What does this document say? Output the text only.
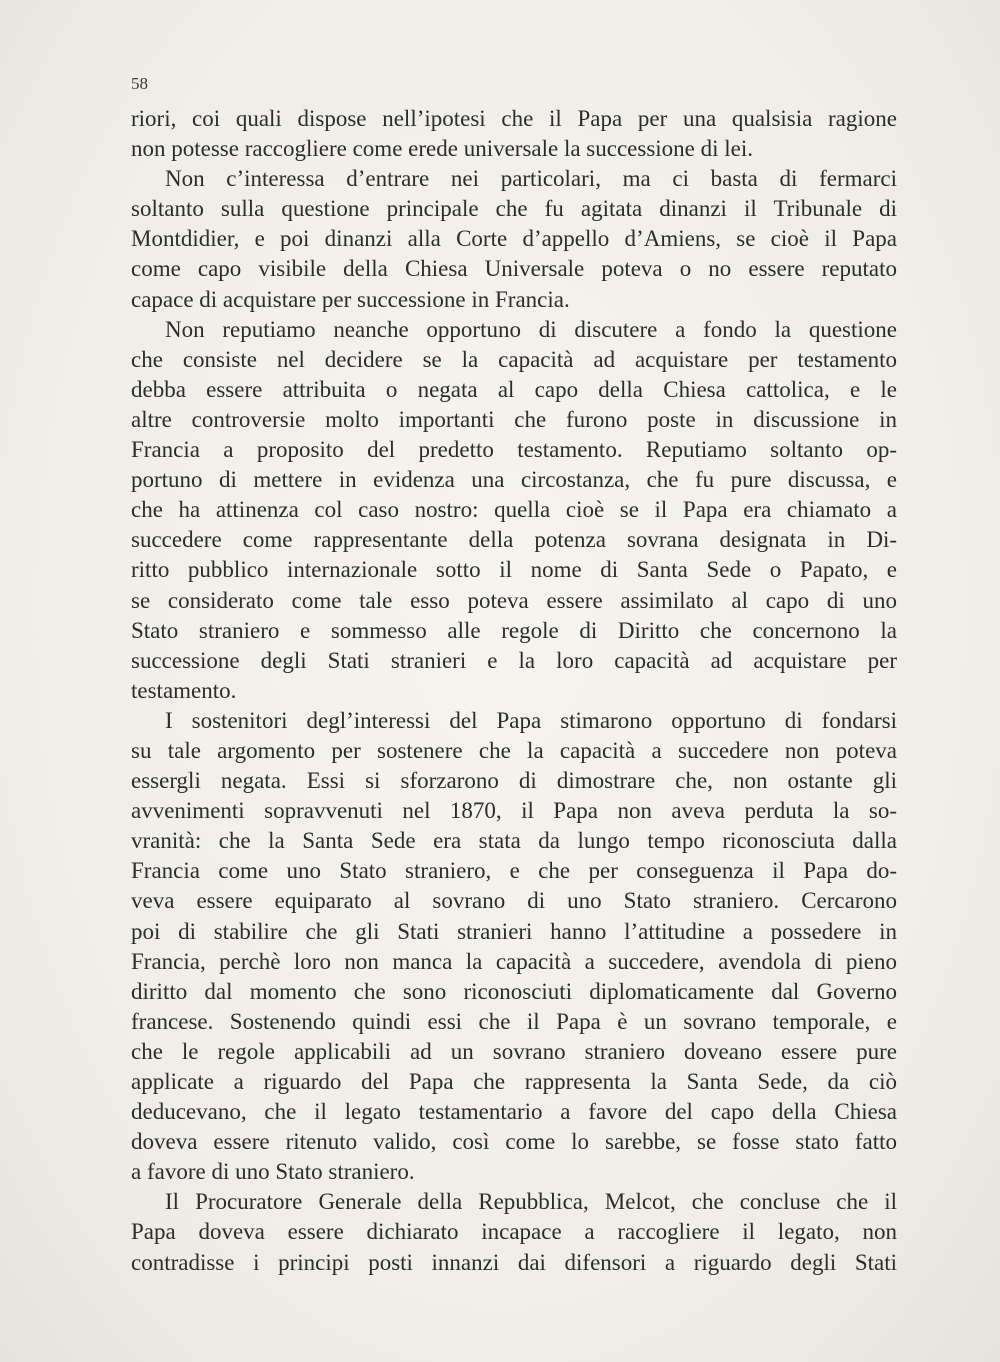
58

riori, coi quali dispose nell’ipotesi che il Papa per una qualsisia ragione
non potesse raccogliere come erede universale la successione di lei.
Non c’interessa d’entrare nei particolari, ma ci basta di fermarci
soltanto sulla questione principale che fu agitata dinanzi il Tribunale di
Montdidier, e poi dinanzi alla Corte d’appello d’Amiens, se cioè il Papa
come capo visibile della Chiesa Universale poteva o no essere reputato
capace di acquistare per successione in Francia.
Non reputiamo neanche opportuno di discutere a fondo la questione
che consiste nel decidere se la capacità ad acquistare per testamento
debba essere attribuita o negata al capo della Chiesa cattolica, e le
altre controversie molto importanti che furono poste in discussione in
Francia a proposito del predetto testamento. Reputiamo soltanto op-
portuno di mettere in evidenza una circostanza, che fu pure discussa, e
che ha attinenza col caso nostro: quella cioè se il Papa era chiamato a
succedere come rappresentante della potenza sovrana designata in Di-
ritto pubblico internazionale sotto il nome di Santa Sede o Papato, e
se considerato come tale esso poteva essere assimilato al capo di uno
Stato straniero e sommesso alle regole di Diritto che concernono la
successione degli Stati stranieri e la loro capacità ad acquistare per
testamento.
I sostenitori degl’interessi del Papa stimarono opportuno di fondarsi
su tale argomento per sostenere che la capacità a succedere non poteva
essergli negata. Essi si sforzarono di dimostrare che, non ostante gli
avvenimenti sopravvenuti nel 1870, il Papa non aveva perduta la so-
vranità: che la Santa Sede era stata da lungo tempo riconosciuta dalla
Francia come uno Stato straniero, e che per conseguenza il Papa do-
veva essere equiparato al sovrano di uno Stato straniero. Cercarono
poi di stabilire che gli Stati stranieri hanno l’attitudine a possedere in
Francia, perchè loro non manca la capacità a succedere, avendola di pieno
diritto dal momento che sono riconosciuti diplomaticamente dal Governo
francese. Sostenendo quindi essi che il Papa è un sovrano temporale, e
che le regole applicabili ad un sovrano straniero doveano essere pure
applicate a riguardo del Papa che rappresenta la Santa Sede, da ciò
deducevano, che il legato testamentario a favore del capo della Chiesa
doveva essere ritenuto valido, così come lo sarebbe, se fosse stato fatto
a favore di uno Stato straniero.
Il Procuratore Generale della Repubblica, Melcot, che concluse che il
Papa doveva essere dichiarato incapace a raccogliere il legato, non
contradisse i principi posti innanzi dai difensori a riguardo degli Stati
